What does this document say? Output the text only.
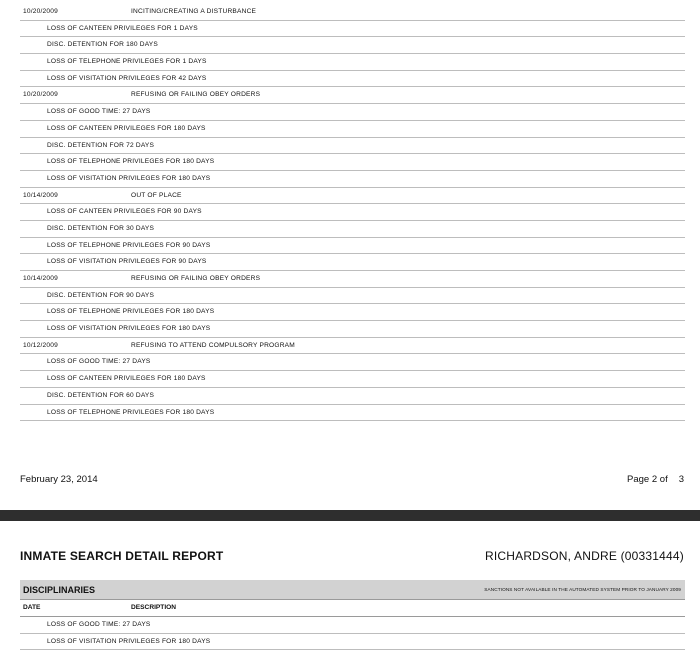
10/20/2009	INCITING/CREATING A DISTURBANCE
LOSS OF CANTEEN PRIVILEGES FOR 1 DAYS
DISC. DETENTION FOR 180 DAYS
LOSS OF TELEPHONE PRIVILEGES FOR 1 DAYS
LOSS OF VISITATION PRIVILEGES FOR 42 DAYS
10/20/2009	REFUSING OR FAILING OBEY ORDERS
LOSS OF GOOD TIME: 27 DAYS
LOSS OF CANTEEN PRIVILEGES FOR 180 DAYS
DISC. DETENTION FOR 72 DAYS
LOSS OF TELEPHONE PRIVILEGES FOR 180 DAYS
LOSS OF VISITATION PRIVILEGES FOR 180 DAYS
10/14/2009	OUT OF PLACE
LOSS OF CANTEEN PRIVILEGES FOR 90 DAYS
DISC. DETENTION FOR 30 DAYS
LOSS OF TELEPHONE PRIVILEGES FOR 90 DAYS
LOSS OF VISITATION PRIVILEGES FOR 90 DAYS
10/14/2009	REFUSING OR FAILING OBEY ORDERS
DISC. DETENTION FOR 90 DAYS
LOSS OF TELEPHONE PRIVILEGES FOR 180 DAYS
LOSS OF VISITATION PRIVILEGES FOR 180 DAYS
10/12/2009	REFUSING TO ATTEND COMPULSORY PROGRAM
LOSS OF GOOD TIME: 27 DAYS
LOSS OF CANTEEN PRIVILEGES FOR 180 DAYS
DISC. DETENTION FOR 60 DAYS
LOSS OF TELEPHONE PRIVILEGES FOR 180 DAYS
February 23, 2014	Page 2 of 3
INMATE SEARCH DETAIL REPORT	RICHARDSON, ANDRE (00331444)
DISCIPLINARIES	SANCTIONS NOT AVAILABLE IN THE AUTOMATED SYSTEM PRIOR TO JANUARY 2009
DATE	DESCRIPTION
LOSS OF GOOD TIME: 27 DAYS
LOSS OF VISITATION PRIVILEGES FOR 180 DAYS
